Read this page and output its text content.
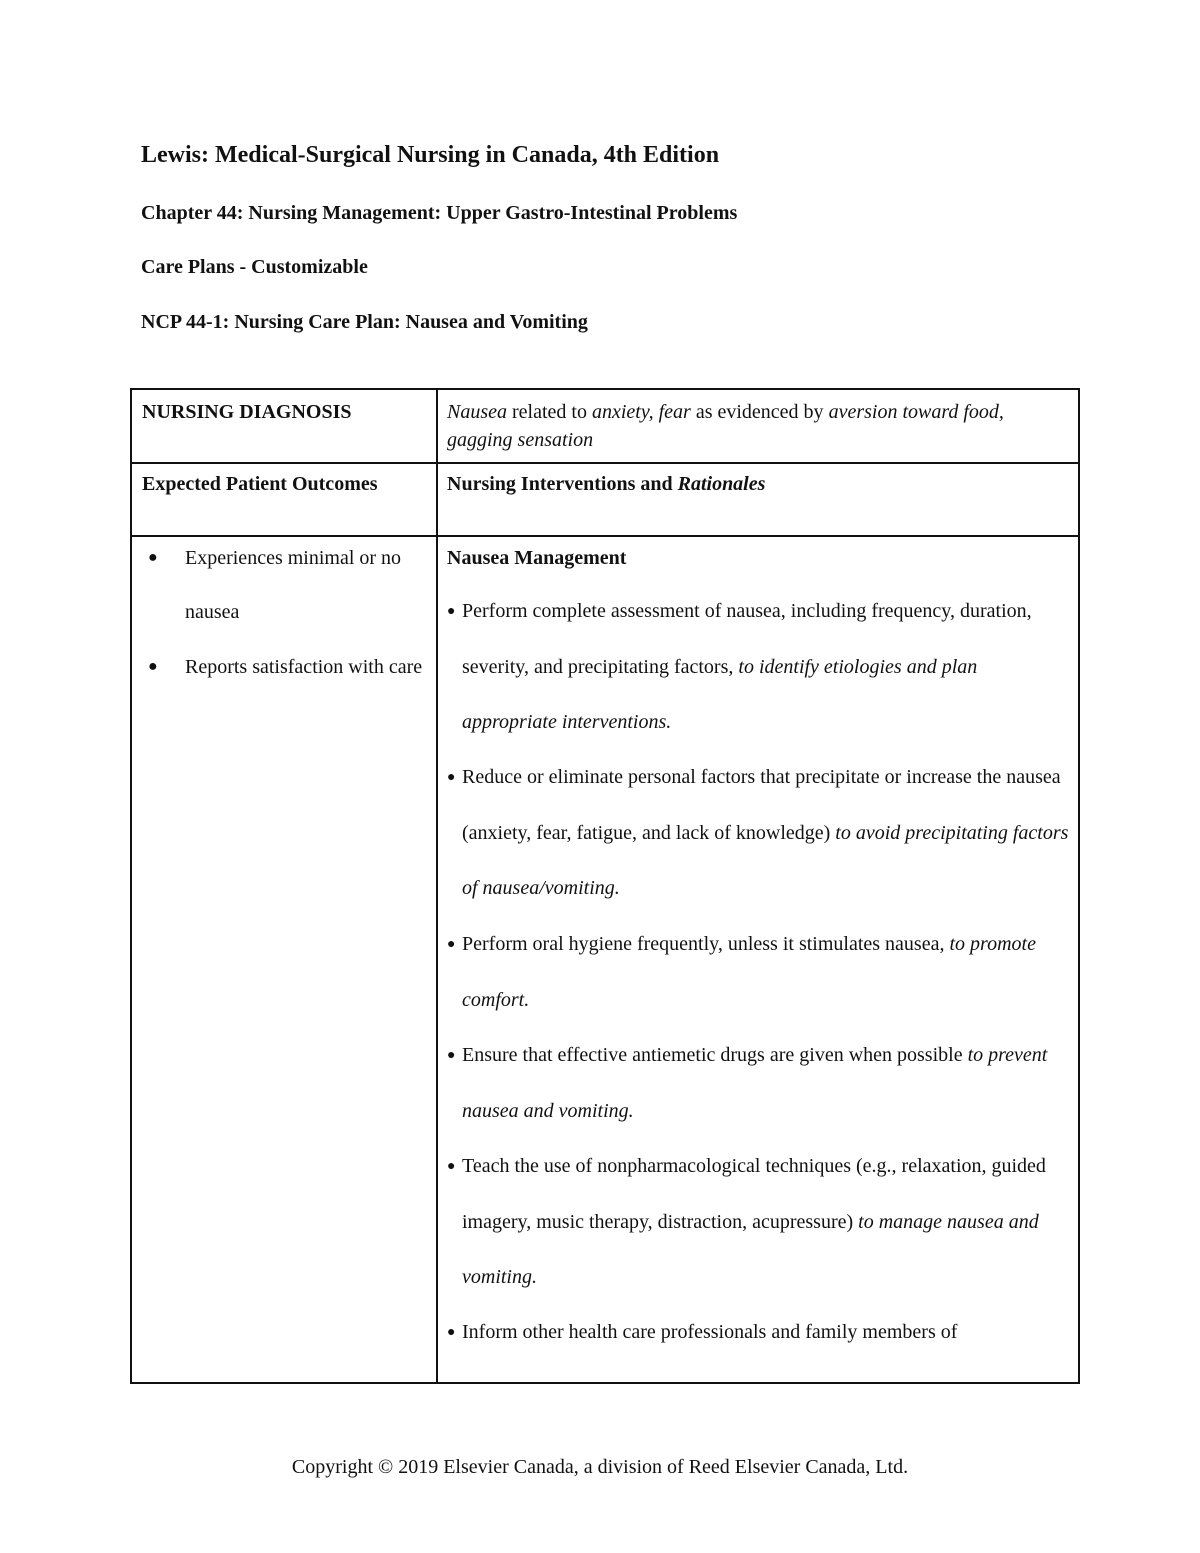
Lewis: Medical-Surgical Nursing in Canada, 4th Edition
Chapter 44: Nursing Management: Upper Gastro-Intestinal Problems
Care Plans - Customizable
NCP 44-1: Nursing Care Plan: Nausea and Vomiting
NURSING DIAGNOSIS	Nausea related to anxiety, fear as evidenced by aversion toward food, gagging sensation
Expected Patient Outcomes	Nursing Interventions and Rationales
● Experiences minimal or no nausea
● Reports satisfaction with care
Nausea Management
● Perform complete assessment of nausea, including frequency, duration, severity, and precipitating factors, to identify etiologies and plan appropriate interventions.
● Reduce or eliminate personal factors that precipitate or increase the nausea (anxiety, fear, fatigue, and lack of knowledge) to avoid precipitating factors of nausea/vomiting.
● Perform oral hygiene frequently, unless it stimulates nausea, to promote comfort.
● Ensure that effective antiemetic drugs are given when possible to prevent nausea and vomiting.
● Teach the use of nonpharmacological techniques (e.g., relaxation, guided imagery, music therapy, distraction, acupressure) to manage nausea and vomiting.
● Inform other health care professionals and family members of
Copyright © 2019 Elsevier Canada, a division of Reed Elsevier Canada, Ltd.
